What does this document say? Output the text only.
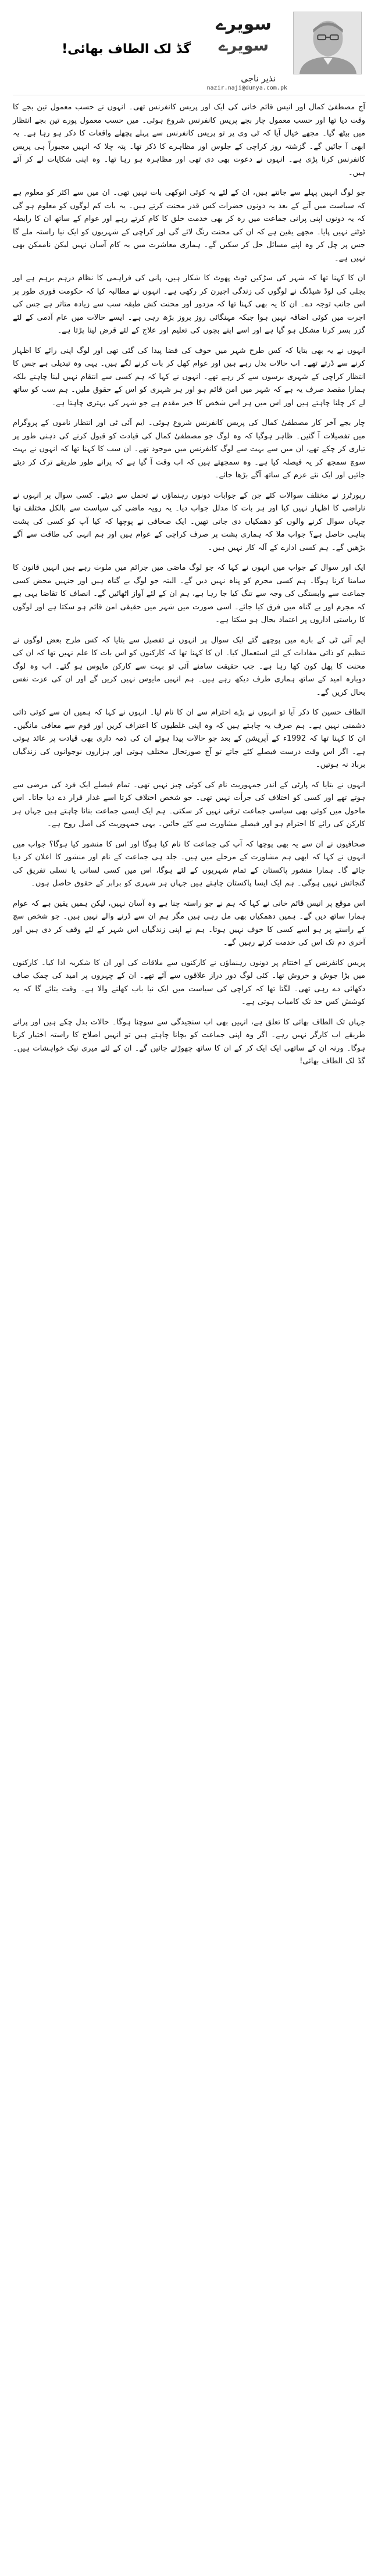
سویرے
سویرے
نذیر ناجی
nazir.naji@dunya.com.pk
گڈ لک الطاف بھائی!

آج مصطفیٰ کمال اور انیس قائم خانی کی ایک اور پریس کانفرنس تھی۔ انہوں نے حسب معمول تین بجے کا وقت دیا تھا اور حسب معمول چار بجے پریس کانفرنس شروع ہوئی۔ میں حسب معمول پورے تین بجے انتظار میں بیٹھ گیا۔ مجھے خیال آیا کہ ٹی وی پر تو پریس کانفرنس سے پہلے پچھلے واقعات کا ذکر ہو رہا ہے۔ یہ ابھی آ جائیں گے۔ گزشتہ روز کراچی کے جلوس اور مظاہرے کا ذکر تھا۔ پتہ چلا کہ انہیں مجبوراً ہی پریس کانفرنس کرنا پڑی ہے۔ انہوں نے دعوت بھی دی تھی اور مظاہرہ ہو رہا تھا۔ وہ اپنی شکایات لے کر آئے ہیں۔

جو لوگ انہیں پہلے سے جانتے ہیں، ان کے لئے یہ کوئی انوکھی بات نہیں تھی۔ ان میں سے اکثر کو معلوم ہے کہ سیاست میں آنے کے بعد یہ دونوں حضرات کس قدر محنت کرتے ہیں۔ یہ بات کم لوگوں کو معلوم ہو گی کہ یہ دونوں اپنی پرانی جماعت میں رہ کر بھی خدمت خلق کا کام کرتے رہے اور عوام کے ساتھ ان کا رابطہ ٹوٹنے نہیں پایا۔ مجھے یقین ہے کہ ان کی محنت رنگ لائے گی اور کراچی کے شہریوں کو ایک نیا راستہ ملے گا جس پر چل کر وہ اپنے مسائل حل کر سکیں گے۔ ہماری معاشرت میں یہ کام آسان نہیں لیکن ناممکن بھی نہیں ہے۔

ان کا کہنا تھا کہ شہر کی سڑکیں ٹوٹ پھوٹ کا شکار ہیں، پانی کی فراہمی کا نظام درہم برہم ہے اور بجلی کی لوڈ شیڈنگ نے لوگوں کی زندگی اجیرن کر رکھی ہے۔ انہوں نے مطالبہ کیا کہ حکومت فوری طور پر اس جانب توجہ دے۔ ان کا یہ بھی کہنا تھا کہ مزدور اور محنت کش طبقہ سب سے زیادہ متاثر ہے جس کی اجرت میں کوئی اضافہ نہیں ہوا جبکہ مہنگائی روز بروز بڑھ رہی ہے۔ ایسے حالات میں عام آدمی کے لئے گزر بسر کرنا مشکل ہو گیا ہے اور اسے اپنے بچوں کی تعلیم اور علاج کے لئے قرض لینا پڑتا ہے۔

انہوں نے یہ بھی بتایا کہ کس طرح شہر میں خوف کی فضا پیدا کی گئی تھی اور لوگ اپنی رائے کا اظہار کرنے سے ڈرتے تھے۔ اب حالات بدل رہے ہیں اور عوام کھل کر بات کرنے لگے ہیں۔ یہی وہ تبدیلی ہے جس کا انتظار کراچی کے شہری برسوں سے کر رہے تھے۔ انہوں نے کہا کہ ہم کسی سے انتقام نہیں لینا چاہتے بلکہ ہمارا مقصد صرف یہ ہے کہ شہر میں امن قائم ہو اور ہر شہری کو اس کے حقوق ملیں۔ ہم سب کو ساتھ لے کر چلنا چاہتے ہیں اور اس میں ہر اس شخص کا خیر مقدم ہے جو شہر کی بہتری چاہتا ہے۔

چار بجے آخر کار مصطفیٰ کمال کی پریس کانفرنس شروع ہوئی۔ ایم آئی ٹی اور انتظار ناموں کے پروگرام میں تفصیلات آ گئیں۔ ظاہر ہوگیا کہ وہ لوگ جو مصطفیٰ کمال کی قیادت کو قبول کرنے کی ذہنی طور پر تیاری کر چکے تھے، ان میں سے بہت سے لوگ کانفرنس میں موجود تھے۔ ان سب کا کہنا تھا کہ انہوں نے بہت سوچ سمجھ کر یہ فیصلہ کیا ہے۔ وہ سمجھتے ہیں کہ اب وقت آ گیا ہے کہ پرانے طور طریقے ترک کر دیئے جائیں اور ایک نئے عزم کے ساتھ آگے بڑھا جائے۔

رپورٹرز نے مختلف سوالات کئے جن کے جوابات دونوں رہنماؤں نے تحمل سے دیئے۔ کسی سوال پر انہوں نے ناراضی کا اظہار نہیں کیا اور ہر بات کا مدلل جواب دیا۔ یہ رویہ ماضی کی سیاست سے بالکل مختلف تھا جہاں سوال کرنے والوں کو دھمکیاں دی جاتی تھیں۔ ایک صحافی نے پوچھا کہ کیا آپ کو کسی کی پشت پناہی حاصل ہے؟ جواب ملا کہ ہماری پشت پر صرف کراچی کے عوام ہیں اور ہم انہی کی طاقت سے آگے بڑھیں گے۔ ہم کسی ادارے کے آلہ کار نہیں ہیں۔

ایک اور سوال کے جواب میں انہوں نے کہا کہ جو لوگ ماضی میں جرائم میں ملوث رہے ہیں انہیں قانون کا سامنا کرنا ہوگا۔ ہم کسی مجرم کو پناہ نہیں دیں گے۔ البتہ جو لوگ بے گناہ ہیں اور جنہیں محض کسی جماعت سے وابستگی کی وجہ سے تنگ کیا جا رہا ہے، ہم ان کے لئے آواز اٹھائیں گے۔ انصاف کا تقاضا یہی ہے کہ مجرم اور بے گناہ میں فرق کیا جائے۔ اسی صورت میں شہر میں حقیقی امن قائم ہو سکتا ہے اور لوگوں کا ریاستی اداروں پر اعتماد بحال ہو سکتا ہے۔

ایم آئی ٹی کے بارے میں پوچھے گئے ایک سوال پر انہوں نے تفصیل سے بتایا کہ کس طرح بعض لوگوں نے تنظیم کو ذاتی مفادات کے لئے استعمال کیا۔ ان کا کہنا تھا کہ کارکنوں کو اس بات کا علم نہیں تھا کہ ان کی محنت کا پھل کون کھا رہا ہے۔ جب حقیقت سامنے آئی تو بہت سے کارکن مایوس ہو گئے۔ اب وہ لوگ دوبارہ امید کے ساتھ ہماری طرف دیکھ رہے ہیں۔ ہم انہیں مایوس نہیں کریں گے اور ان کی عزت نفس بحال کریں گے۔

الطاف حسین کا ذکر آیا تو انہوں نے بڑے احترام سے ان کا نام لیا۔ انہوں نے کہا کہ ہمیں ان سے کوئی ذاتی دشمنی نہیں ہے۔ ہم صرف یہ چاہتے ہیں کہ وہ اپنی غلطیوں کا اعتراف کریں اور قوم سے معافی مانگیں۔ ان کا کہنا تھا کہ 1992ء کے آپریشن کے بعد جو حالات پیدا ہوئے ان کی ذمہ داری بھی قیادت پر عائد ہوتی ہے۔ اگر اس وقت درست فیصلے کئے جاتے تو آج صورتحال مختلف ہوتی اور ہزاروں نوجوانوں کی زندگیاں برباد نہ ہوتیں۔

انہوں نے بتایا کہ پارٹی کے اندر جمہوریت نام کی کوئی چیز نہیں تھی۔ تمام فیصلے ایک فرد کی مرضی سے ہوتے تھے اور کسی کو اختلاف کی جرأت نہیں تھی۔ جو شخص اختلاف کرتا اسے غدار قرار دے دیا جاتا۔ اس ماحول میں کوئی بھی سیاسی جماعت ترقی نہیں کر سکتی۔ ہم ایک ایسی جماعت بنانا چاہتے ہیں جہاں ہر کارکن کی رائے کا احترام ہو اور فیصلے مشاورت سے کئے جائیں۔ یہی جمہوریت کی اصل روح ہے۔

صحافیوں نے ان سے یہ بھی پوچھا کہ آپ کی جماعت کا نام کیا ہوگا اور اس کا منشور کیا ہوگا؟ جواب میں انہوں نے کہا کہ ابھی ہم مشاورت کے مرحلے میں ہیں۔ جلد ہی جماعت کے نام اور منشور کا اعلان کر دیا جائے گا۔ ہمارا منشور پاکستان کے تمام شہریوں کے لئے ہوگا، اس میں کسی لسانی یا نسلی تفریق کی گنجائش نہیں ہوگی۔ ہم ایک ایسا پاکستان چاہتے ہیں جہاں ہر شہری کو برابر کے حقوق حاصل ہوں۔

اس موقع پر انیس قائم خانی نے کہا کہ ہم نے جو راستہ چنا ہے وہ آسان نہیں، لیکن ہمیں یقین ہے کہ عوام ہمارا ساتھ دیں گے۔ ہمیں دھمکیاں بھی مل رہی ہیں مگر ہم ان سے ڈرنے والے نہیں ہیں۔ جو شخص سچ کے راستے پر ہو اسے کسی کا خوف نہیں ہوتا۔ ہم نے اپنی زندگیاں اس شہر کے لئے وقف کر دی ہیں اور آخری دم تک اس کی خدمت کرتے رہیں گے۔

پریس کانفرنس کے اختتام پر دونوں رہنماؤں نے کارکنوں سے ملاقات کی اور ان کا شکریہ ادا کیا۔ کارکنوں میں بڑا جوش و خروش تھا۔ کئی لوگ دور دراز علاقوں سے آئے تھے۔ ان کے چہروں پر امید کی چمک صاف دکھائی دے رہی تھی۔ لگتا تھا کہ کراچی کی سیاست میں ایک نیا باب کھلنے والا ہے۔ وقت بتائے گا کہ یہ کوشش کس حد تک کامیاب ہوتی ہے۔

جہاں تک الطاف بھائی کا تعلق ہے، انہیں بھی اب سنجیدگی سے سوچنا ہوگا۔ حالات بدل چکے ہیں اور پرانے طریقے اب کارگر نہیں رہے۔ اگر وہ اپنی جماعت کو بچانا چاہتے ہیں تو انہیں اصلاح کا راستہ اختیار کرنا ہوگا۔ ورنہ ان کے ساتھی ایک ایک کر کے ان کا ساتھ چھوڑتے جائیں گے۔ ان کے لئے میری نیک خواہشات ہیں۔ گڈ لک الطاف بھائی!
